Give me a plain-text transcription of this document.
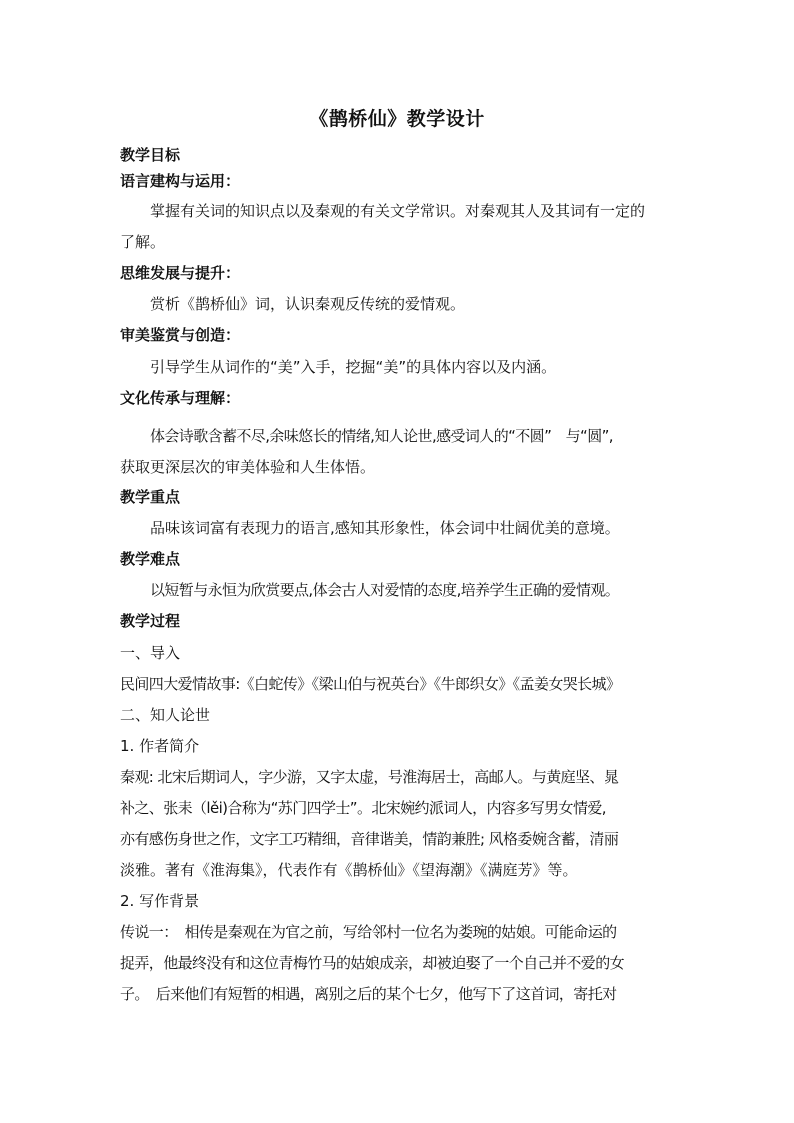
《鹊桥仙》教学设计
教学目标
语言建构与运用：
掌握有关词的知识点以及秦观的有关文学常识。对秦观其人及其词有一定的
了解。
思维发展与提升：
赏析《鹊桥仙》词，认识秦观反传统的爱情观。
审美鉴赏与创造：
引导学生从词作的“美”入手，挖掘“美”的具体内容以及内涵。
文化传承与理解：
体会诗歌含蓄不尽,余味悠长的情绪,知人论世,感受词人的“不圆”　与“圆”,
获取更深层次的审美体验和人生体悟。
教学重点
品味该词富有表现力的语言,感知其形象性，体会词中壮阔优美的意境。
教学难点
以短暂与永恒为欣赏要点,体会古人对爱情的态度,培养学生正确的爱情观。
教学过程
一、导入
民间四大爱情故事:《白蛇传》《梁山伯与祝英台》《牛郎织女》《孟姜女哭长城》
二、知人论世
1. 作者简介
秦观: 北宋后期词人，字少游，又字太虚，号淮海居士，高邮人。与黄庭坚、晁
补之、张耒（lěi)合称为“苏门四学士”。北宋婉约派词人，内容多写男女情爱,
亦有感伤身世之作，文字工巧精细，音律谐美，情韵兼胜; 风格委婉含蓄，清丽
淡雅。著有《淮海集》，代表作有《鹊桥仙》《望海潮》《满庭芳》等。
2. 写作背景
传说一：　相传是秦观在为官之前，写给邻村一位名为娄琬的姑娘。可能命运的
捉弄，他最终没有和这位青梅竹马的姑娘成亲，却被迫娶了一个自己并不爱的女
子。　后来他们有短暂的相遇，离别之后的某个七夕，他写下了这首词，寄托对
